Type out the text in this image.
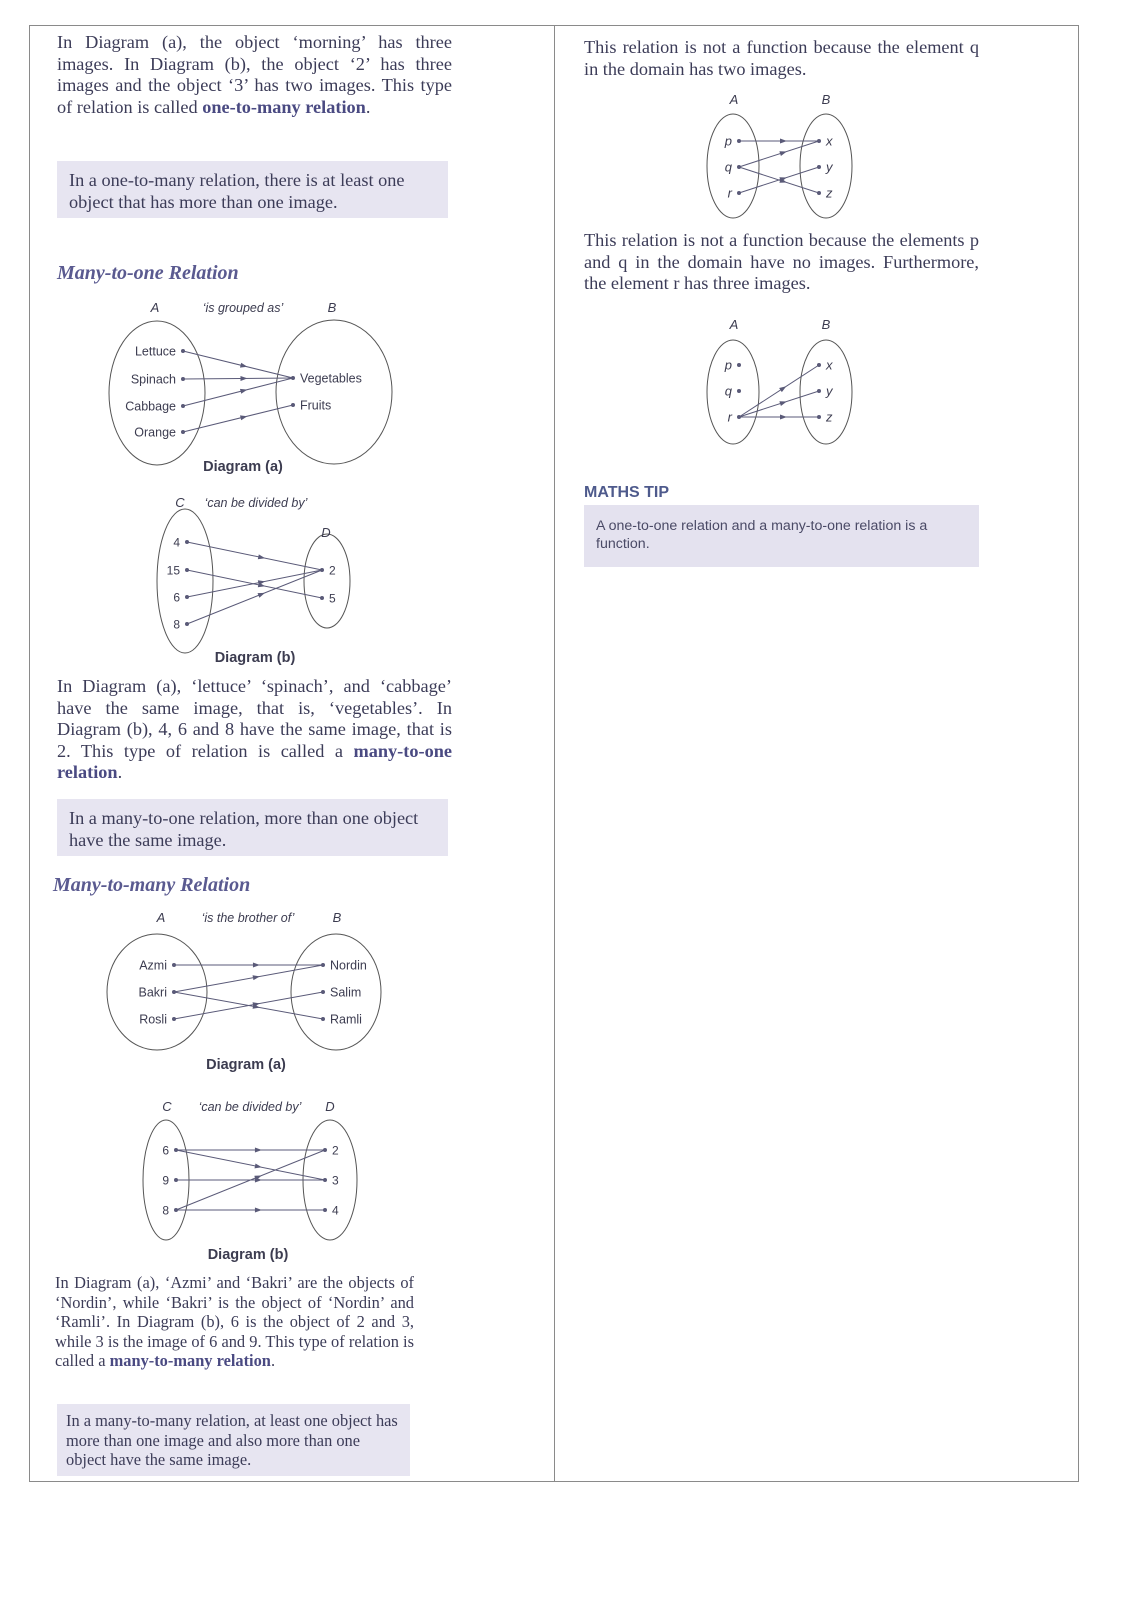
In Diagram (a), the object ‘morning’ has three images. In Diagram (b), the object ‘2’ has three images and the object ‘3’ has two images. This type of relation is called one-to-many relation.

In a one-to-many relation, there is at least one object that has more than one image.
Many-to-one Relation

In Diagram (a), ‘lettuce’ ‘spinach’, and ‘cabbage’ have the same image, that is, ‘vegetables’. In Diagram (b), 4, 6 and 8 have the same image, that is 2. This type of relation is called a many-to-one relation.

In a many-to-one relation, more than one object have the same image.
Many-to-many Relation

In Diagram (a), ‘Azmi’ and ‘Bakri’ are the objects of ‘Nordin’, while ‘Bakri’ is the object of ‘Nordin’ and ‘Ramli’. In Diagram (b), 6 is the object of 2 and 3, while 3 is the image of 6 and 9. This type of relation is called a many-to-many relation.

In a many-to-many relation, at least one object has more than one image and also more than one object have the same image.

This relation is not a function because the element q in the domain has two images.

This relation is not a function because the elements p and q in the domain have no images. Furthermore, the element r has three images.

MATHS TIP
A one-to-one relation and a many-to-one relation is a function.
A	B
‘is grouped as’
Diagram (a)
Lettuce
Spinach
Cabbage
Orange
Vegetables
Fruits
C
D
‘can be divided by’
Diagram (b)
4
15
6
8
2
5
A	B
‘is the brother of’
Diagram (a)
Azmi
Bakri
Rosli
Nordin
Salim
Ramli
C	D
‘can be divided by’
Diagram (b)
6
9
8
2
3
4
A	B
p
q
r
x
y
z
A	B
p
q
r
x
y
z
